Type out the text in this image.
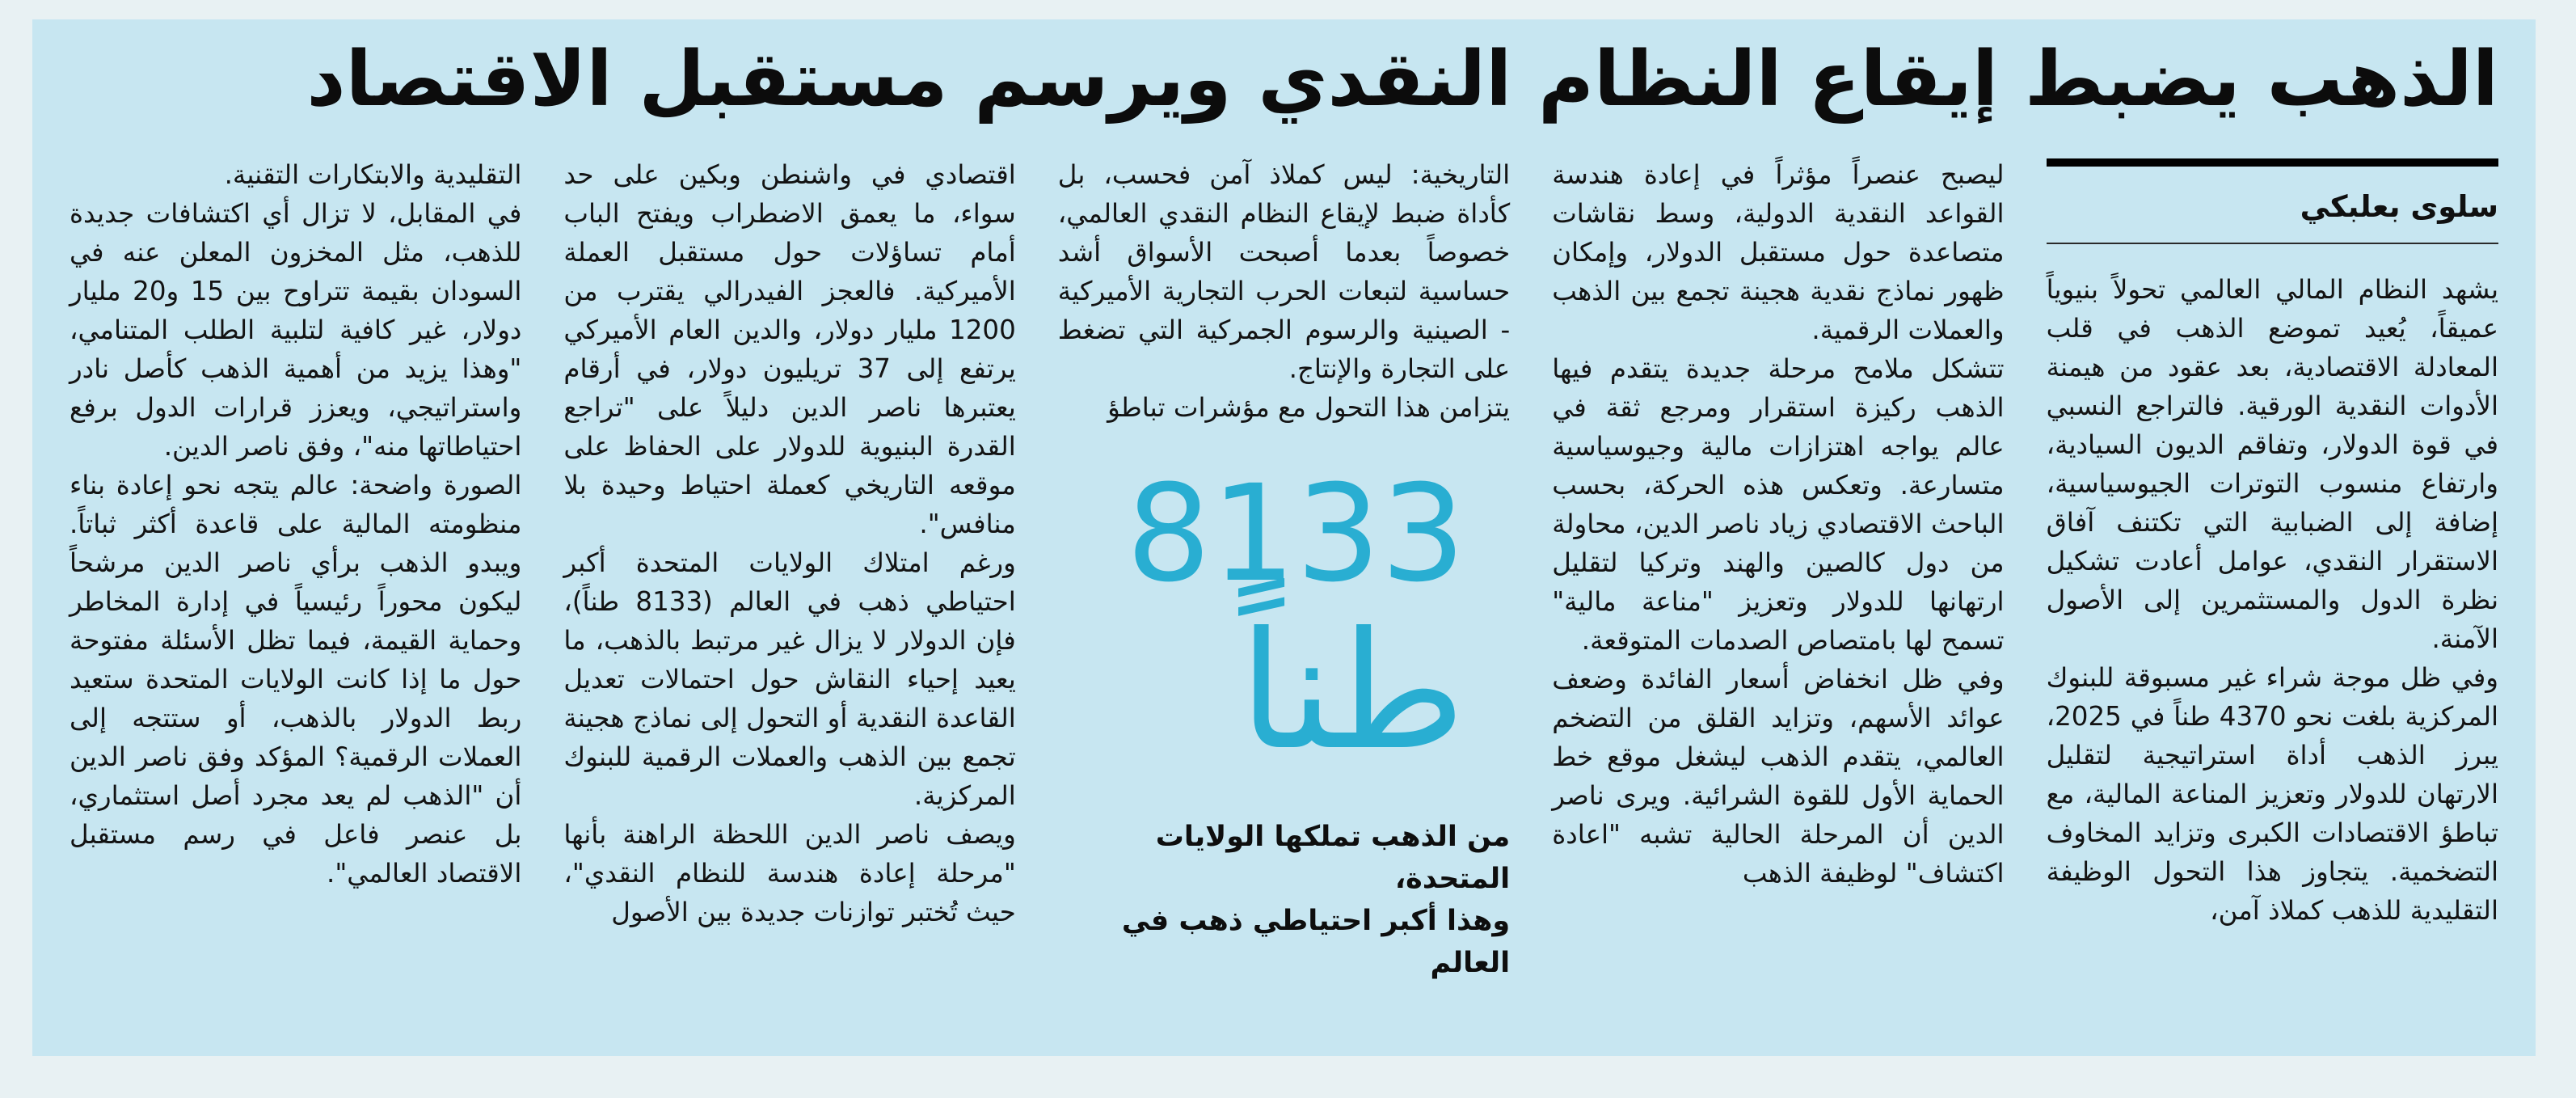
الذهب يضبط إيقاع النظام النقدي ويرسم مستقبل الاقتصاد
سلوى بعلبكي

يشهد النظام المالي العالمي تحولاً بنيوياً عميقاً، يُعيد تموضع الذهب في قلب المعادلة الاقتصادية، بعد عقود من هيمنة الأدوات النقدية الورقية. فالتراجع النسبي في قوة الدولار، وتفاقم الديون السيادية، وارتفاع منسوب التوترات الجيوسياسية، إضافة إلى الضبابية التي تكتنف آفاق الاستقرار النقدي، عوامل أعادت تشكيل نظرة الدول والمستثمرين إلى الأصول الآمنة.

وفي ظل موجة شراء غير مسبوقة للبنوك المركزية بلغت نحو 4370 طناً في 2025، يبرز الذهب أداة استراتيجية لتقليل الارتهان للدولار وتعزيز المناعة المالية، مع تباطؤ الاقتصادات الكبرى وتزايد المخاوف التضخمية. يتجاوز هذا التحول الوظيفة التقليدية للذهب كملاذ آمن،

ليصبح عنصراً مؤثراً في إعادة هندسة القواعد النقدية الدولية، وسط نقاشات متصاعدة حول مستقبل الدولار، وإمكان ظهور نماذج نقدية هجينة تجمع بين الذهب والعملات الرقمية.

تتشكل ملامح مرحلة جديدة يتقدم فيها الذهب ركيزة استقرار ومرجع ثقة في عالم يواجه اهتزازات مالية وجيوسياسية متسارعة. وتعكس هذه الحركة، بحسب الباحث الاقتصادي زياد ناصر الدين، محاولة من دول كالصين والهند وتركيا لتقليل ارتهانها للدولار وتعزيز "مناعة مالية" تسمح لها بامتصاص الصدمات المتوقعة.

وفي ظل انخفاض أسعار الفائدة وضعف عوائد الأسهم، وتزايد القلق من التضخم العالمي، يتقدم الذهب ليشغل موقع خط الحماية الأول للقوة الشرائية. ويرى ناصر الدين أن المرحلة الحالية تشبه "اعادة اكتشاف" لوظيفة الذهب

التاريخية: ليس كملاذ آمن فحسب، بل كأداة ضبط لإيقاع النظام النقدي العالمي، خصوصاً بعدما أصبحت الأسواق أشد حساسية لتبعات الحرب التجارية الأميركية - الصينية والرسوم الجمركية التي تضغط على التجارة والإنتاج.

يتزامن هذا التحول مع مؤشرات تباطؤ

8133
طناً
من الذهب تملكها الولايات المتحدة،
وهذا أكبر احتياطي ذهب في العالم

اقتصادي في واشنطن وبكين على حد سواء، ما يعمق الاضطراب ويفتح الباب أمام تساؤلات حول مستقبل العملة الأميركية. فالعجز الفيدرالي يقترب من 1200 مليار دولار، والدين العام الأميركي يرتفع إلى 37 تريليون دولار، في أرقام يعتبرها ناصر الدين دليلاً على "تراجع القدرة البنيوية للدولار على الحفاظ على موقعه التاريخي كعملة احتياط وحيدة بلا منافس".

ورغم امتلاك الولايات المتحدة أكبر احتياطي ذهب في العالم (8133 طناً)، فإن الدولار لا يزال غير مرتبط بالذهب، ما يعيد إحياء النقاش حول احتمالات تعديل القاعدة النقدية أو التحول إلى نماذج هجينة تجمع بين الذهب والعملات الرقمية للبنوك المركزية.

ويصف ناصر الدين اللحظة الراهنة بأنها "مرحلة إعادة هندسة للنظام النقدي"، حيث تُختبر توازنات جديدة بين الأصول

التقليدية والابتكارات التقنية.

في المقابل، لا تزال أي اكتشافات جديدة للذهب، مثل المخزون المعلن عنه في السودان بقيمة تتراوح بين 15 و20 مليار دولار، غير كافية لتلبية الطلب المتنامي، "وهذا يزيد من أهمية الذهب كأصل نادر واستراتيجي، ويعزز قرارات الدول برفع احتياطاتها منه"، وفق ناصر الدين.

الصورة واضحة: عالم يتجه نحو إعادة بناء منظومته المالية على قاعدة أكثر ثباتاً. ويبدو الذهب برأي ناصر الدين مرشحاً ليكون محوراً رئيسياً في إدارة المخاطر وحماية القيمة، فيما تظل الأسئلة مفتوحة حول ما إذا كانت الولايات المتحدة ستعيد ربط الدولار بالذهب، أو ستتجه إلى العملات الرقمية؟ المؤكد وفق ناصر الدين أن "الذهب لم يعد مجرد أصل استثماري، بل عنصر فاعل في رسم مستقبل الاقتصاد العالمي".
